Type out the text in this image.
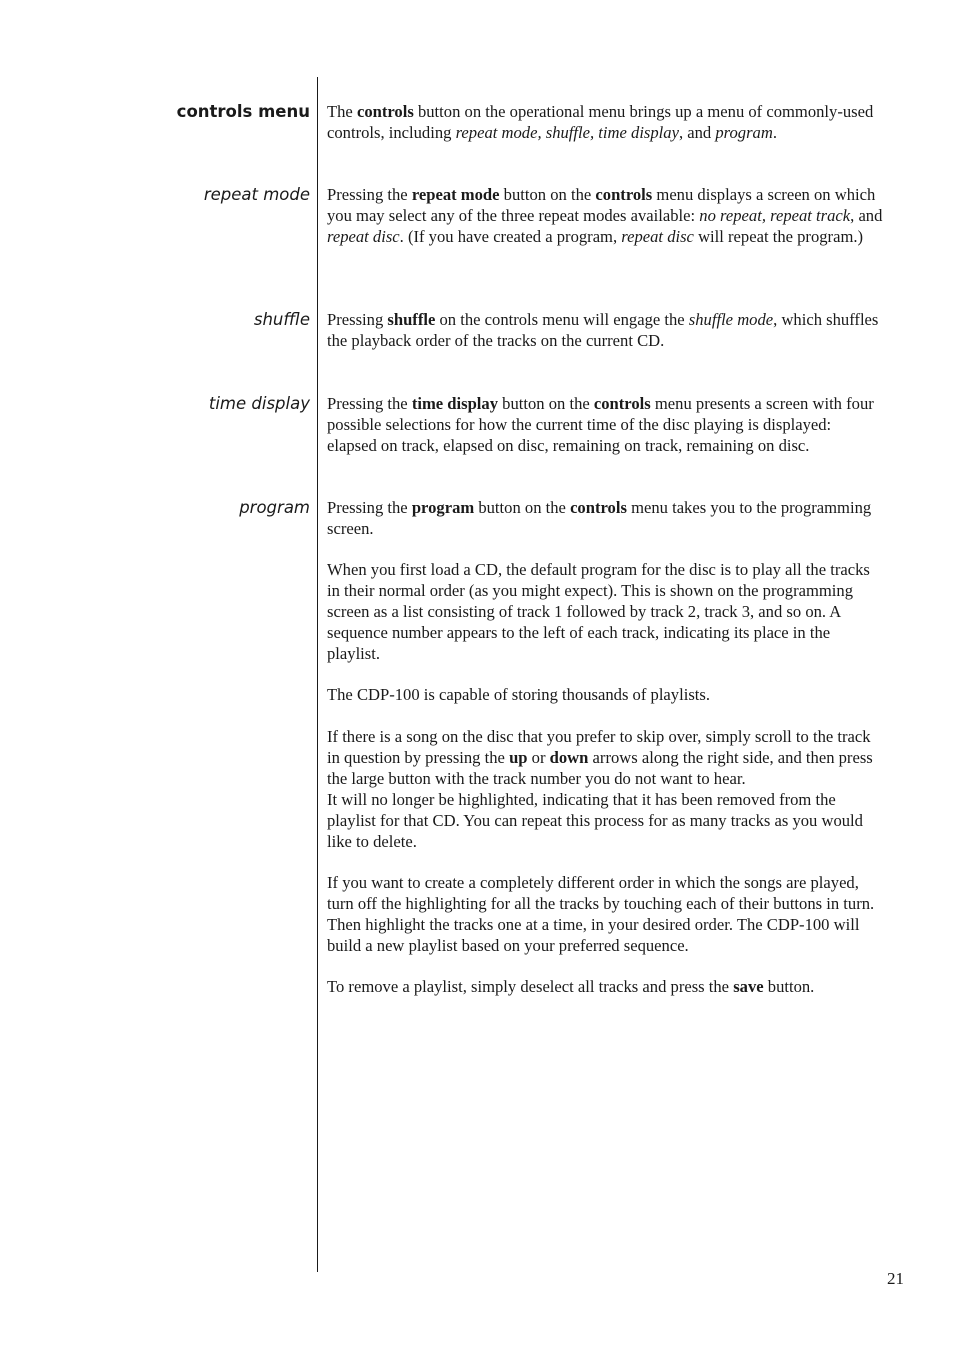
controls menu The controls button on the operational menu brings up a menu of commonly-used controls, including repeat mode, shuffle, time display, and program.

repeat mode Pressing the repeat mode button on the controls menu displays a screen on which you may select any of the three repeat modes available: no repeat, repeat track, and repeat disc. (If you have created a program, repeat disc will repeat the program.)

shuffle Pressing shuffle on the controls menu will engage the shuffle mode, which shuffles the playback order of the tracks on the current CD.

time display Pressing the time display button on the controls menu presents a screen with four possible selections for how the current time of the disc playing is displayed: elapsed on track, elapsed on disc, remaining on track, remaining on disc.

program Pressing the program button on the controls menu takes you to the programming screen.

When you first load a CD, the default program for the disc is to play all the tracks in their normal order (as you might expect). This is shown on the programming screen as a list consisting of track 1 followed by track 2, track 3, and so on. A sequence number appears to the left of each track, indicating its place in the playlist.

The CDP-100 is capable of storing thousands of playlists.

If there is a song on the disc that you prefer to skip over, simply scroll to the track in question by pressing the up or down arrows along the right side, and then press the large button with the track number you do not want to hear.
It will no longer be highlighted, indicating that it has been removed from the playlist for that CD. You can repeat this process for as many tracks as you would like to delete.

If you want to create a completely different order in which the songs are played, turn off the highlighting for all the tracks by touching each of their buttons in turn. Then highlight the tracks one at a time, in your desired order. The CDP-100 will build a new playlist based on your preferred sequence.

To remove a playlist, simply deselect all tracks and press the save button.

21
